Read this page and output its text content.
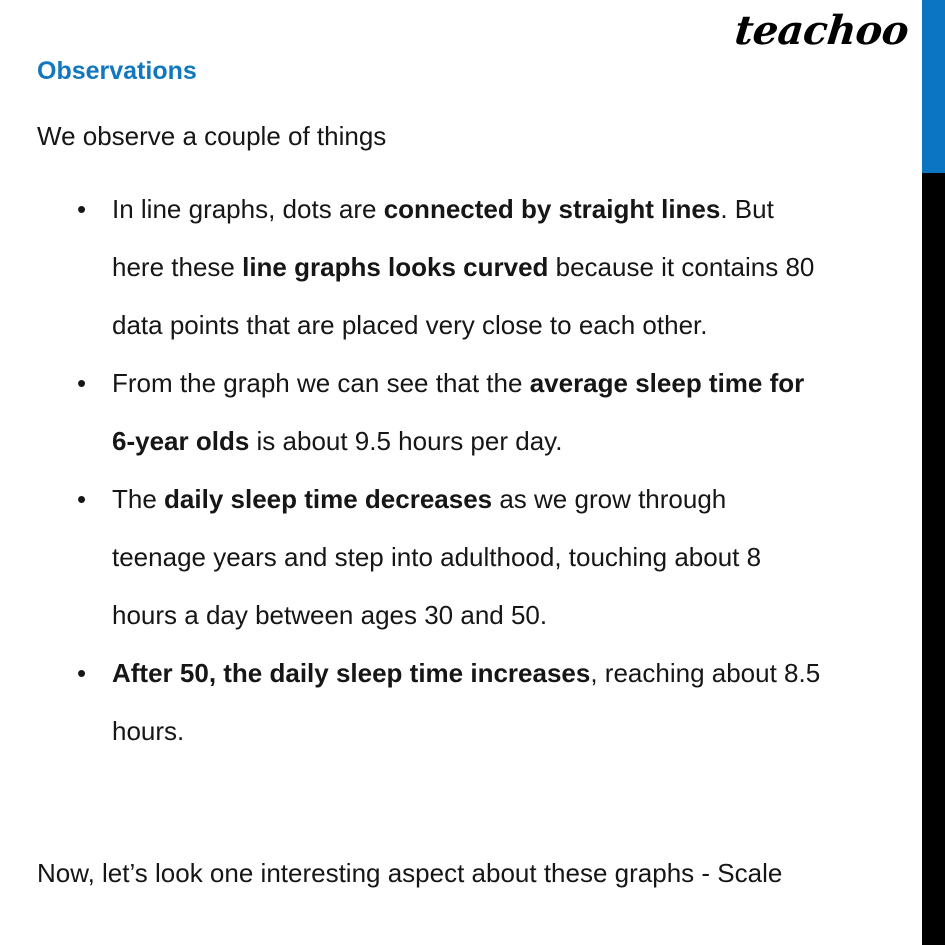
teachoo
Observations
We observe a couple of things
• In line graphs, dots are connected by straight lines. But
here these line graphs looks curved because it contains 80
data points that are placed very close to each other.
• From the graph we can see that the average sleep time for
6-year olds is about 9.5 hours per day.
• The daily sleep time decreases as we grow through
teenage years and step into adulthood, touching about 8
hours a day between ages 30 and 50.
• After 50, the daily sleep time increases, reaching about 8.5
hours.
Now, let’s look one interesting aspect about these graphs - Scale
